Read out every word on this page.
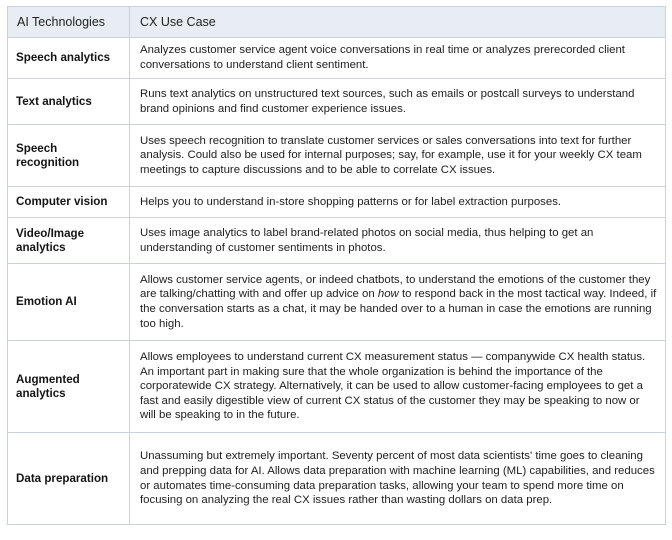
AI Technologies	CX Use Case
Speech analytics	Analyzes customer service agent voice conversations in real time or analyzes prerecorded client conversations to understand client sentiment.
Text analytics	Runs text analytics on unstructured text sources, such as emails or postcall surveys to understand brand opinions and find customer experience issues.
Speech recognition	Uses speech recognition to translate customer services or sales conversations into text for further analysis. Could also be used for internal purposes; say, for example, use it for your weekly CX team meetings to capture discussions and to be able to correlate CX issues.
Computer vision	Helps you to understand in-store shopping patterns or for label extraction purposes.
Video/Image analytics	Uses image analytics to label brand-related photos on social media, thus helping to get an understanding of customer sentiments in photos.
Emotion AI	Allows customer service agents, or indeed chatbots, to understand the emotions of the customer they are talking/chatting with and offer up advice on how to respond back in the most tactical way. Indeed, if the conversation starts as a chat, it may be handed over to a human in case the emotions are running too high.
Augmented analytics	Allows employees to understand current CX measurement status — companywide CX health status. An important part in making sure that the whole organization is behind the importance of the corporatewide CX strategy. Alternatively, it can be used to allow customer-facing employees to get a fast and easily digestible view of current CX status of the customer they may be speaking to now or will be speaking to in the future.
Data preparation	Unassuming but extremely important. Seventy percent of most data scientists' time goes to cleaning and prepping data for AI. Allows data preparation with machine learning (ML) capabilities, and reduces or automates time-consuming data preparation tasks, allowing your team to spend more time on focusing on analyzing the real CX issues rather than wasting dollars on data prep.
